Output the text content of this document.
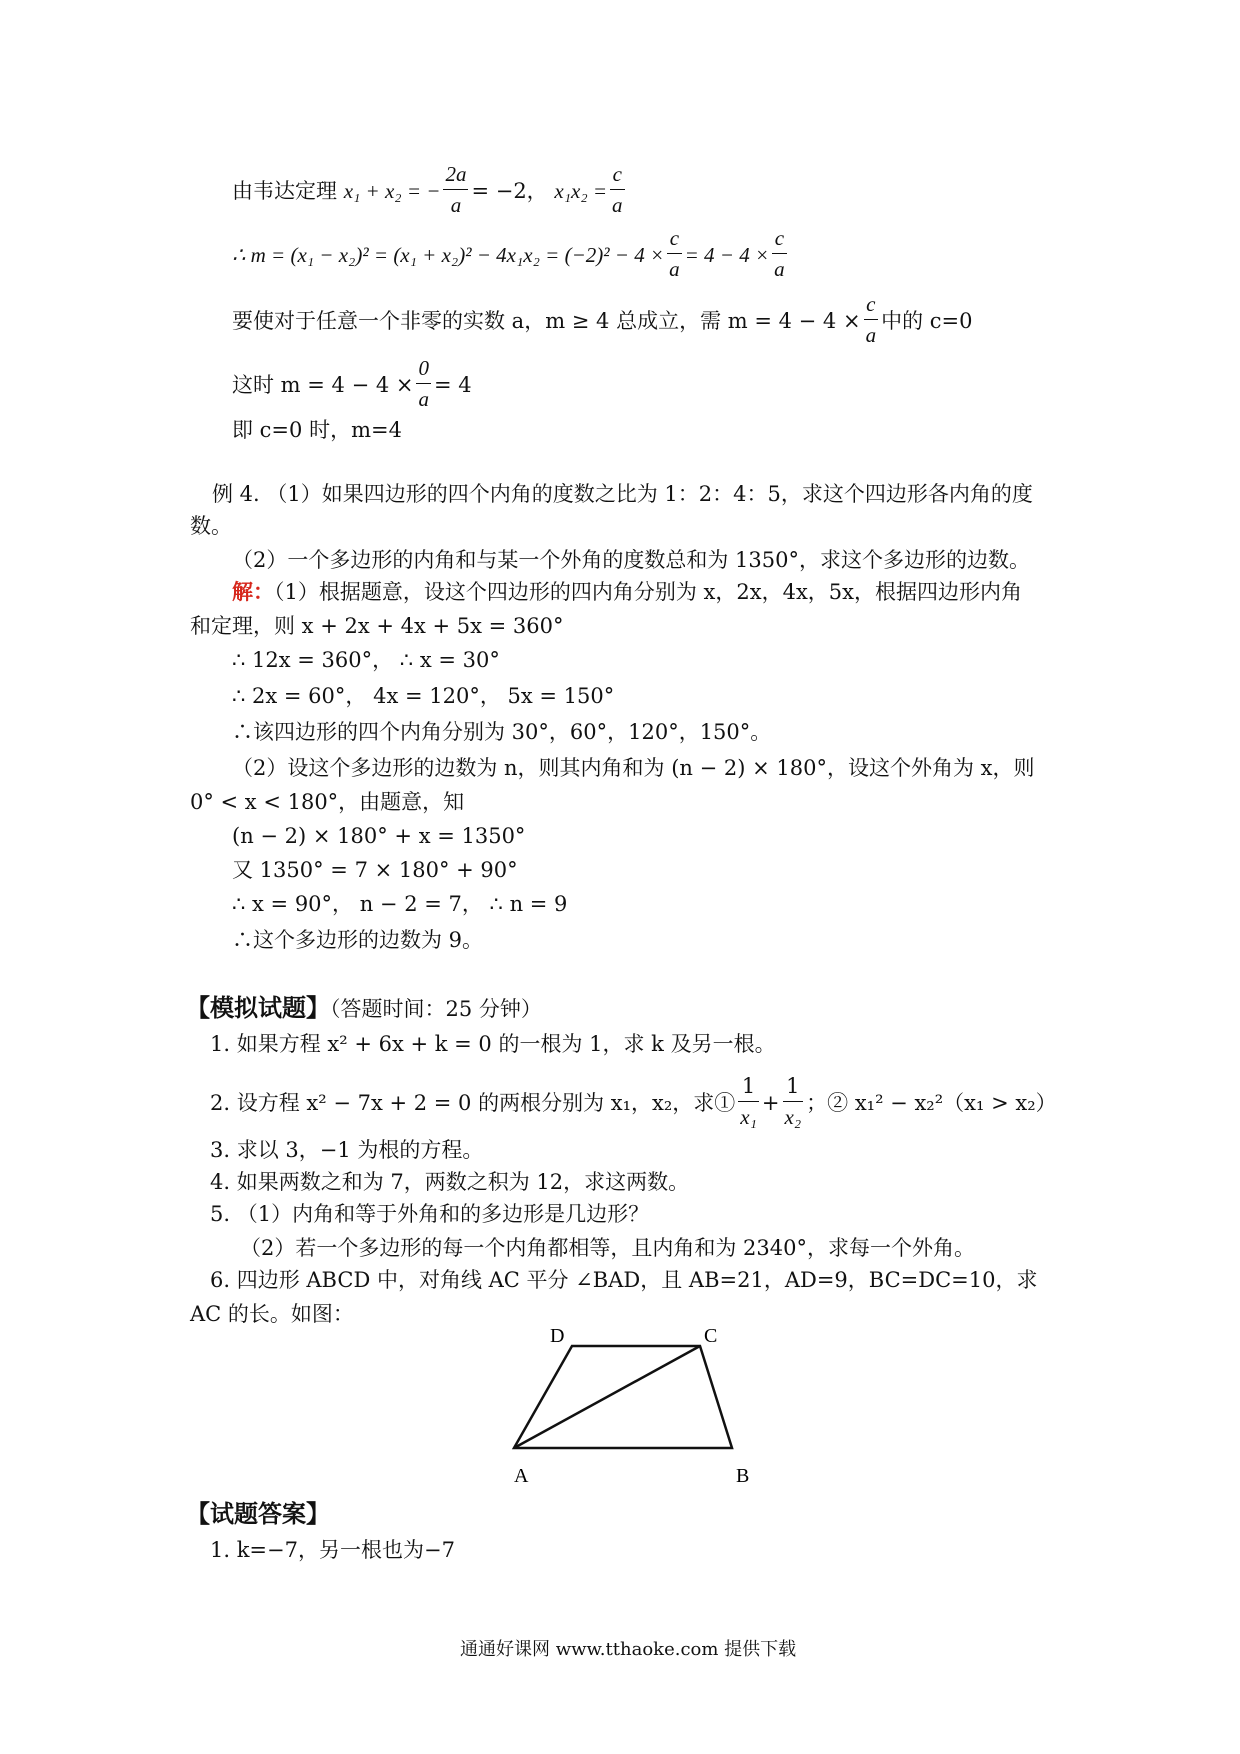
由韦达定理 x₁ + x₂ = − $\frac{2a}{a} = -2$， $x_1x_2 = \frac{c}{a}$
∴ $m = (x_1 - x_2)^2 = (x_1 + x_2)^2 - 4x_1x_2 = (-2)^2 - 4 \times \frac{c}{a} = 4 - 4 \times \frac{c}{a}$
要使对于任意一个非零的实数 a，m ≥ 4 总成立，需 $m = 4 - 4 \times \frac{c}{a}$ 中的 c=0
这时 $m = 4 - 4 \times \frac{0}{a} = 4$
即 c=0 时，m=4
例 4. （1）如果四边形的四个内角的度数之比为 1：2：4：5，求这个四边形各内角的度
数。
（2）一个多边形的内角和与某一个外角的度数总和为 1350°，求这个多边形的边数。
解：（1）根据题意，设这个四边形的四内角分别为 x，2x，4x，5x，根据四边形内角
和定理，则 x + 2x + 4x + 5x = 360°
∴ 12x = 360°， ∴ x = 30°
∴ 2x = 60°， 4x = 120°， 5x = 150°
∴该四边形的四个内角分别为 30°，60°，120°，150°。
（2）设这个多边形的边数为 n，则其内角和为 (n − 2) × 180°，设这个外角为 x，则
0° < x < 180°，由题意，知
(n − 2) × 180° + x = 1350°
又 1350° = 7 × 180° + 90°
∴ x = 90°， n − 2 = 7， ∴ n = 9
∴这个多边形的边数为 9。
【模拟试题】（答题时间：25 分钟）
1. 如果方程 x² + 6x + k = 0 的一根为 1，求 k 及另一根。
2. 设方程 x² − 7x + 2 = 0 的两根分别为 x₁，x₂，求① $\frac{1}{\text{x₁}} + \frac{1}{\text{x₂}}$ ；② x₁² − x₂²（x₁ > x₂）
3. 求以 3，−1 为根的方程。
4. 如果两数之和为 7，两数之积为 12，求这两数。
5. （1）内角和等于外角和的多边形是几边形？
（2）若一个多边形的每一个内角都相等，且内角和为 2340°，求每一个外角。
6. 四边形 ABCD 中，对角线 AC 平分 ∠BAD，且 AB=21，AD=9，BC=DC=10，求
AC 的长。如图：
D	C
A	B
【试题答案】
1. k=−7，另一根也为−7
通通好课网 www.tthaoke.com 提供下载
